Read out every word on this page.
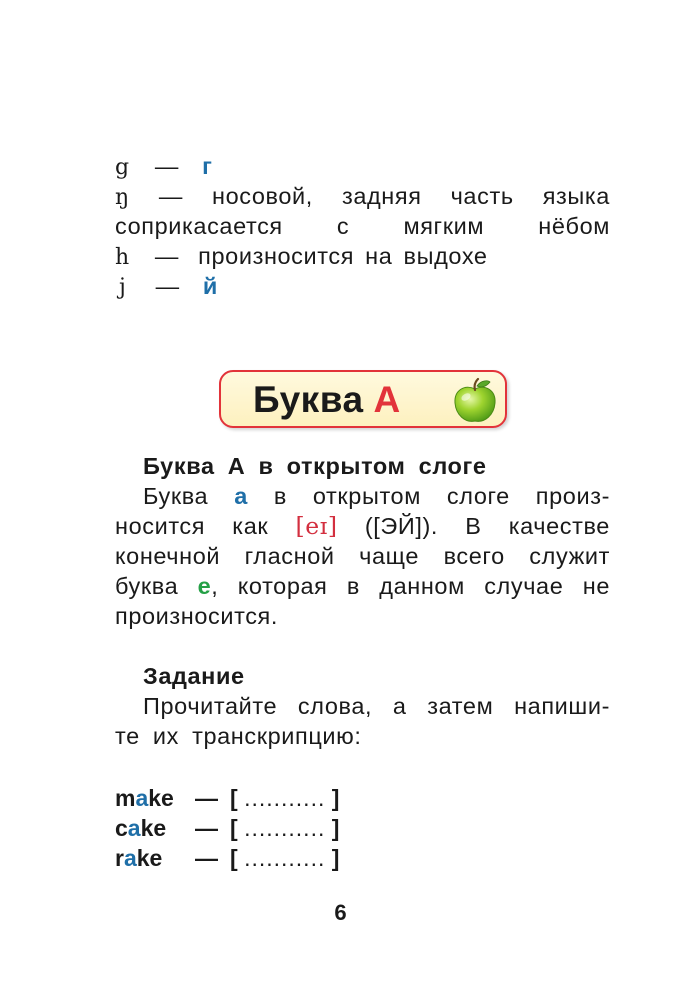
g — г
ŋ — носовой, задняя часть языка
соприкасается с мягким нёбом
h — произносится на выдохе
j — й
Буква А
Буква А в открытом слоге
Буква а в открытом слоге произ-
носится как [eɪ] ([ЭЙ]). В качестве
конечной гласной чаще всего служит
буква е, которая в данном случае не
произносится.
Задание
Прочитайте слова, а затем напиши-
те их транскрипцию:
make — [ ........... ]
cake — [ ........... ]
rake — [ ........... ]
6
